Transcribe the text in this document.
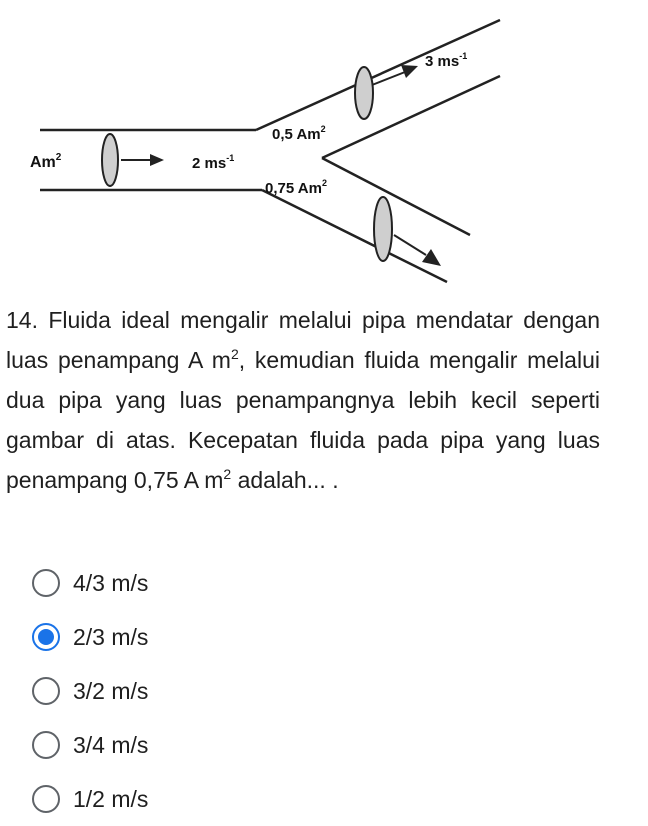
Am$^2$	2 $ms^{-1}$
0,5 Am$^2$
3 $ms^{-1}$
0,75 Am$^2$

14. Fluida ideal mengalir melalui pipa mendatar dengan luas penampang A $m^2$, kemudian fluida mengalir melalui dua pipa yang luas penampangnya lebih kecil seperti gambar di atas. Kecepatan fluida pada pipa yang luas penampang 0,75 A $m^2$ adalah... .

4/3 m/s
2/3 m/s
3/2 m/s
3/4 m/s
1/2 m/s
